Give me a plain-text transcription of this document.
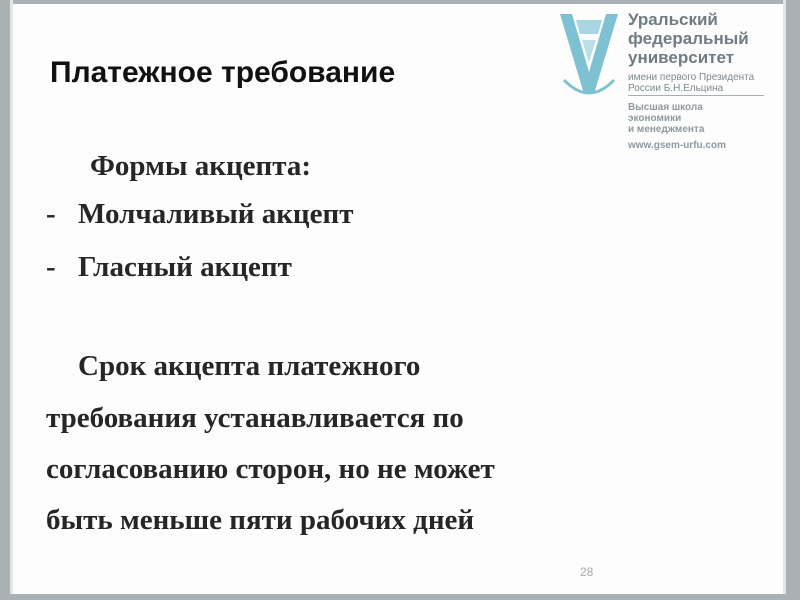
Платежное требование
Уральский
федеральный
университет
имени первого Президента
России Б.Н.Ельцина
Высшая школа
экономики
и менеджмента
www.gsem-urfu.com
Формы акцепта:
- Молчаливый акцепт
- Гласный акцепт
Срок акцепта платежного
требования устанавливается по
согласованию сторон, но не может
быть меньше пяти рабочих дней
28
